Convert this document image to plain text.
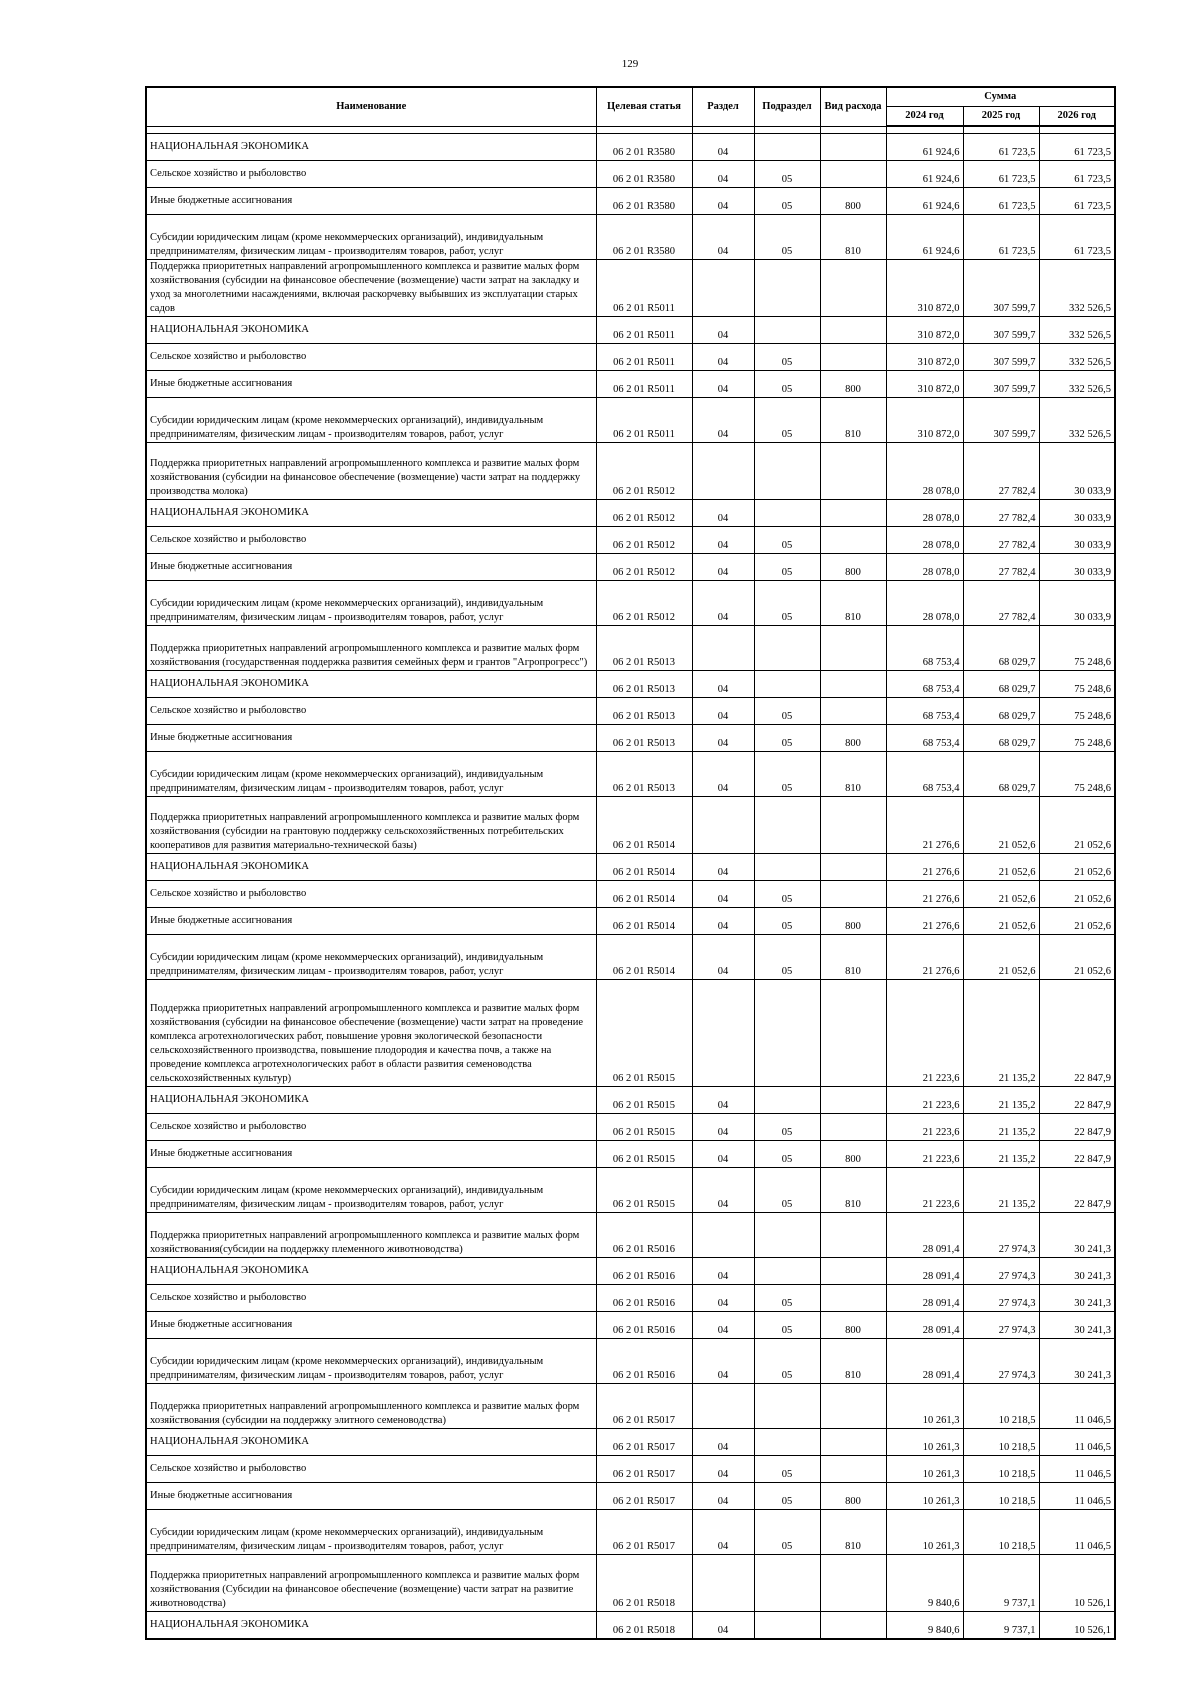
129
Наименование	Целевая статья	Раздел	Подраздел	Вид расхода	Сумма		
					2024 год	2025 год	2026 год

НАЦИОНАЛЬНАЯ ЭКОНОМИКА	06 2 01 R3580	04			61 924,6	61 723,5	61 723,5
Сельское хозяйство и рыболовство	06 2 01 R3580	04	05		61 924,6	61 723,5	61 723,5
Иные бюджетные ассигнования	06 2 01 R3580	04	05	800	61 924,6	61 723,5	61 723,5
Субсидии юридическим лицам (кроме некоммерческих организаций), индивидуальным предпринимателям, физическим лицам - производителям товаров, работ, услуг	06 2 01 R3580	04	05	810	61 924,6	61 723,5	61 723,5
Поддержка приоритетных направлений агропромышленного комплекса и развитие малых форм хозяйствования (субсидии на финансовое обеспечение (возмещение) части затрат на закладку и уход за многолетними насаждениями, включая раскорчевку выбывших из эксплуатации старых садов	06 2 01 R5011				310 872,0	307 599,7	332 526,5
НАЦИОНАЛЬНАЯ ЭКОНОМИКА	06 2 01 R5011	04			310 872,0	307 599,7	332 526,5
Сельское хозяйство и рыболовство	06 2 01 R5011	04	05		310 872,0	307 599,7	332 526,5
Иные бюджетные ассигнования	06 2 01 R5011	04	05	800	310 872,0	307 599,7	332 526,5
Субсидии юридическим лицам (кроме некоммерческих организаций), индивидуальным предпринимателям, физическим лицам - производителям товаров, работ, услуг	06 2 01 R5011	04	05	810	310 872,0	307 599,7	332 526,5
Поддержка приоритетных направлений агропромышленного комплекса и развитие малых форм хозяйствования (субсидии на финансовое обеспечение (возмещение) части затрат на поддержку производства молока)	06 2 01 R5012				28 078,0	27 782,4	30 033,9
НАЦИОНАЛЬНАЯ ЭКОНОМИКА	06 2 01 R5012	04			28 078,0	27 782,4	30 033,9
Сельское хозяйство и рыболовство	06 2 01 R5012	04	05		28 078,0	27 782,4	30 033,9
Иные бюджетные ассигнования	06 2 01 R5012	04	05	800	28 078,0	27 782,4	30 033,9
Субсидии юридическим лицам (кроме некоммерческих организаций), индивидуальным предпринимателям, физическим лицам - производителям товаров, работ, услуг	06 2 01 R5012	04	05	810	28 078,0	27 782,4	30 033,9
Поддержка приоритетных направлений агропромышленного комплекса и развитие малых форм хозяйствования (государственная поддержка развития семейных ферм и грантов "Агропрогресс")	06 2 01 R5013				68 753,4	68 029,7	75 248,6
НАЦИОНАЛЬНАЯ ЭКОНОМИКА	06 2 01 R5013	04			68 753,4	68 029,7	75 248,6
Сельское хозяйство и рыболовство	06 2 01 R5013	04	05		68 753,4	68 029,7	75 248,6
Иные бюджетные ассигнования	06 2 01 R5013	04	05	800	68 753,4	68 029,7	75 248,6
Субсидии юридическим лицам (кроме некоммерческих организаций), индивидуальным предпринимателям, физическим лицам - производителям товаров, работ, услуг	06 2 01 R5013	04	05	810	68 753,4	68 029,7	75 248,6
Поддержка приоритетных направлений агропромышленного комплекса и развитие малых форм хозяйствования (субсидии на грантовую поддержку сельскохозяйственных потребительских кооперативов для развития материально-технической базы)	06 2 01 R5014				21 276,6	21 052,6	21 052,6
НАЦИОНАЛЬНАЯ ЭКОНОМИКА	06 2 01 R5014	04			21 276,6	21 052,6	21 052,6
Сельское хозяйство и рыболовство	06 2 01 R5014	04	05		21 276,6	21 052,6	21 052,6
Иные бюджетные ассигнования	06 2 01 R5014	04	05	800	21 276,6	21 052,6	21 052,6
Субсидии юридическим лицам (кроме некоммерческих организаций), индивидуальным предпринимателям, физическим лицам - производителям товаров, работ, услуг	06 2 01 R5014	04	05	810	21 276,6	21 052,6	21 052,6
Поддержка приоритетных направлений агропромышленного комплекса и развитие малых форм хозяйствования (субсидии на финансовое обеспечение (возмещение) части затрат на проведение комплекса агротехнологических работ, повышение уровня экологической безопасности сельскохозяйственного производства, повышение плодородия и качества почв, а также на проведение комплекса агротехнологических работ в области развития семеноводства сельскохозяйственных культур)	06 2 01 R5015				21 223,6	21 135,2	22 847,9
НАЦИОНАЛЬНАЯ ЭКОНОМИКА	06 2 01 R5015	04			21 223,6	21 135,2	22 847,9
Сельское хозяйство и рыболовство	06 2 01 R5015	04	05		21 223,6	21 135,2	22 847,9
Иные бюджетные ассигнования	06 2 01 R5015	04	05	800	21 223,6	21 135,2	22 847,9
Субсидии юридическим лицам (кроме некоммерческих организаций), индивидуальным предпринимателям, физическим лицам - производителям товаров, работ, услуг	06 2 01 R5015	04	05	810	21 223,6	21 135,2	22 847,9
Поддержка приоритетных направлений агропромышленного комплекса и развитие малых форм хозяйствования(субсидии на поддержку племенного животноводства)	06 2 01 R5016				28 091,4	27 974,3	30 241,3
НАЦИОНАЛЬНАЯ ЭКОНОМИКА	06 2 01 R5016	04			28 091,4	27 974,3	30 241,3
Сельское хозяйство и рыболовство	06 2 01 R5016	04	05		28 091,4	27 974,3	30 241,3
Иные бюджетные ассигнования	06 2 01 R5016	04	05	800	28 091,4	27 974,3	30 241,3
Субсидии юридическим лицам (кроме некоммерческих организаций), индивидуальным предпринимателям, физическим лицам - производителям товаров, работ, услуг	06 2 01 R5016	04	05	810	28 091,4	27 974,3	30 241,3
Поддержка приоритетных направлений агропромышленного комплекса и развитие малых форм хозяйствования (субсидии на поддержку элитного семеноводства)	06 2 01 R5017				10 261,3	10 218,5	11 046,5
НАЦИОНАЛЬНАЯ ЭКОНОМИКА	06 2 01 R5017	04			10 261,3	10 218,5	11 046,5
Сельское хозяйство и рыболовство	06 2 01 R5017	04	05		10 261,3	10 218,5	11 046,5
Иные бюджетные ассигнования	06 2 01 R5017	04	05	800	10 261,3	10 218,5	11 046,5
Субсидии юридическим лицам (кроме некоммерческих организаций), индивидуальным предпринимателям, физическим лицам - производителям товаров, работ, услуг	06 2 01 R5017	04	05	810	10 261,3	10 218,5	11 046,5
Поддержка приоритетных направлений агропромышленного комплекса и развитие малых форм хозяйствования (Субсидии на финансовое обеспечение (возмещение) части затрат на развитие животноводства)	06 2 01 R5018				9 840,6	9 737,1	10 526,1
НАЦИОНАЛЬНАЯ ЭКОНОМИКА	06 2 01 R5018	04			9 840,6	9 737,1	10 526,1
